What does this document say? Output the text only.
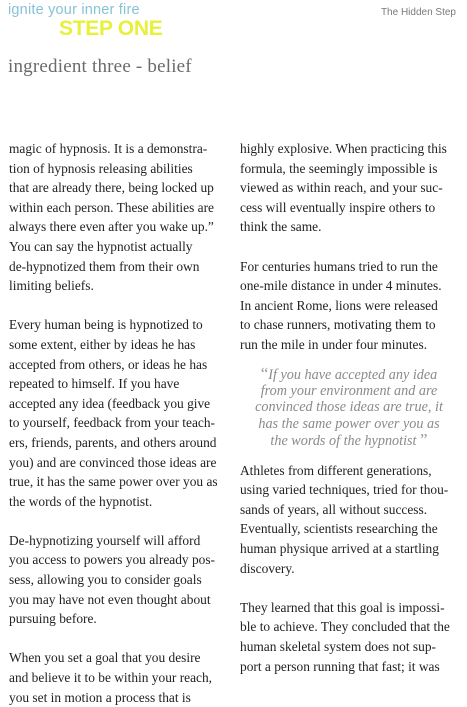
ignite your inner fire
STEP ONE
The Hidden Step
ingredient three - belief
magic of hypnosis. It is a demonstra-
tion of hypnosis releasing abilities
that are already there, being locked up
within each person. These abilities are
always there even after you wake up.”
You can say the hypnotist actually
de-hypnotized them from their own
limiting beliefs.
Every human being is hypnotized to
some extent, either by ideas he has
accepted from others, or ideas he has
repeated to himself. If you have
accepted any idea (feedback you give
to yourself, feedback from your teach-
ers, friends, parents, and others around
you) and are convinced those ideas are
true, it has the same power over you as
the words of the hypnotist.
De-hypnotizing yourself will afford
you access to powers you already pos-
sess, allowing you to consider goals
you may have not even thought about
pursuing before.
When you set a goal that you desire
and believe it to be within your reach,
you set in motion a process that is
highly explosive. When practicing this
formula, the seemingly impossible is
viewed as within reach, and your suc-
cess will eventually inspire others to
think the same.
For centuries humans tried to run the
one-mile distance in under 4 minutes.
In ancient Rome, lions were released
to chase runners, motivating them to
run the mile in under four minutes.
“If you have accepted any idea
from your environment and are
convinced those ideas are true, it
has the same power over you as
the words of the hypnotist ”
Athletes from different generations,
using varied techniques, tried for thou-
sands of years, all without success.
Eventually, scientists researching the
human physique arrived at a startling
discovery.
They learned that this goal is impossi-
ble to achieve. They concluded that the
human skeletal system does not sup-
port a person running that fast; it was
